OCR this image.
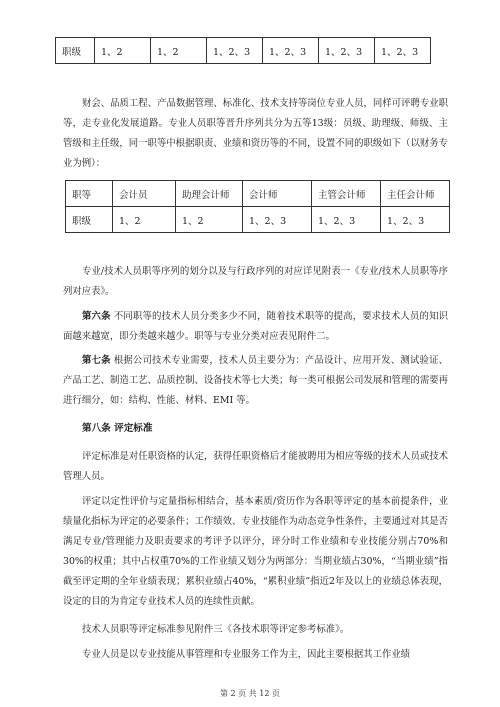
职级	1、2	1、2	1、2、3	1、2、3	1、2、3	1、2、3

财会、品质工程、产品数据管理、标准化、技术支持等岗位专业人员，同样可评聘专业职等，走专业化发展道路。专业人员职等晋升序列共分为五等13级：员级、助理级、师级、主管级和主任级，同一职等中根据职责、业绩和资历等的不同，设置不同的职级如下（以财务专业为例）：

职等	会计员	助理会计师	会计师	主管会计师	主任会计师
职级	1、2	1、2	1、2、3	1、2、3	1、2、3

专业/技术人员职等序列的划分以及与行政序列的对应详见附表一《专业/技术人员职等序列对应表》。

第六条 不同职等的技术人员分类多少不同，随着技术职等的提高，要求技术人员的知识面越来越宽，即分类越来越少。职等与专业分类对应表见附件二。

第七条 根据公司技术专业需要，技术人员主要分为：产品设计、应用开发、测试验证、产品工艺、制造工艺、品质控制、设备技术等七大类；每一类可根据公司发展和管理的需要再进行细分，如：结构、性能、材料、EMI 等。

第八条 评定标准

评定标准是对任职资格的认定，获得任职资格后才能被聘用为相应等级的技术人员或技术管理人员。

评定以定性评价与定量指标相结合，基本素质/资历作为各职等评定的基本前提条件，业绩量化指标为评定的必要条件；工作绩效、专业技能作为动态竞争性条件，主要通过对其是否满足专业/管理能力及职责要求的考评予以评分，评分时工作业绩和专业技能分别占70%和30%的权重；其中占权重70%的工作业绩又划分为两部分：当期业绩占30%，“当期业绩”指截至评定期的全年业绩表现；累积业绩占40%，“累积业绩”指近2年及以上的业绩总体表现，设定的目的为肯定专业技术人员的连续性贡献。

技术人员职等评定标准参见附件三《各技术职等评定参考标准》。

专业人员是以专业技能从事管理和专业服务工作为主，因此主要根据其工作业绩

第 2 页 共 12 页
